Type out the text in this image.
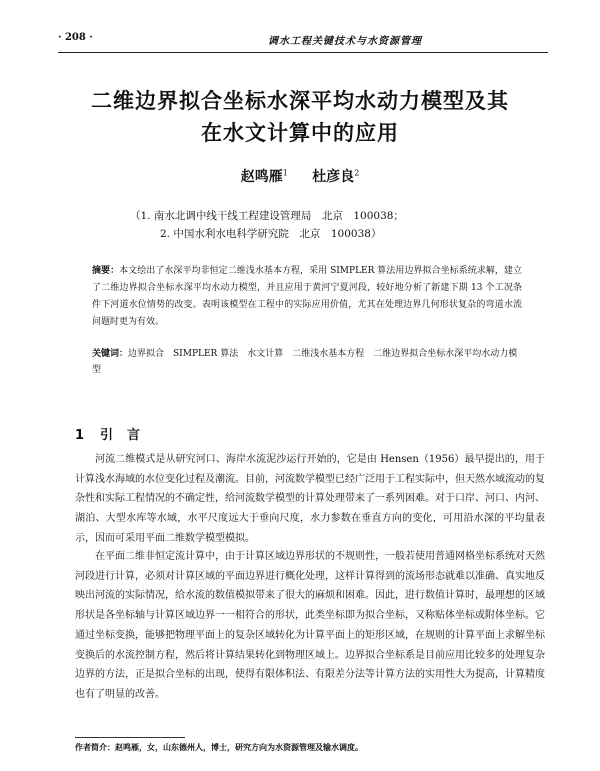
· 208 ·	调水工程关键技术与水资源管理
二维边界拟合坐标水深平均水动力模型及其
在水文计算中的应用
赵鸣雁$^1$ 杜彦良$^2$
（1. 南水北调中线干线工程建设管理局　北京　100038；
2. 中国水利水电科学研究院　北京　100038）
摘要：本文绘出了水深平均非恒定二维浅水基本方程，采用 SIMPLER 算法用边界拟合坐标系统求解，建立了二维边界拟合坐标水深平均水动力模型，并且应用于黄河宁夏河段，较好地分析了新建下期 13 个工况条件下河道水位情势的改变。表明该模型在工程中的实际应用价值，尤其在处理边界几何形状复杂的弯道水流问题时更为有效。
关键词：边界拟合　SIMPLER 算法　水文计算　二维浅水基本方程　二维边界拟合坐标水深平均水动力模型
1 引言
河流二维模式是从研究河口、海岸水流泥沙运行开始的，它是由 Hensen（1956）最早提出的，用于计算浅水海域的水位变化过程及潮流。目前，河流数学模型已经广泛用于工程实际中，但天然水域流动的复杂性和实际工程情况的不确定性，给河流数学模型的计算处理带来了一系列困难。对于口岸、河口、内河、湖泊、大型水库等水域，水平尺度远大于垂向尺度，水力参数在垂直方向的变化，可用沿水深的平均量表示，因而可采用平面二维数学模型模拟。
在平面二维非恒定流计算中，由于计算区域边界形状的不规则性，一般若使用普通网格坐标系统对天然河段进行计算，必须对计算区域的平面边界进行概化处理，这样计算得到的流场形态就难以准确、真实地反映出河流的实际情况，给水流的数值模拟带来了很大的麻烦和困难。因此，进行数值计算时，最理想的区域形状是各坐标轴与计算区域边界一一相符合的形状，此类坐标即为拟合坐标，又称贴体坐标或附体坐标。它通过坐标变换，能够把物理平面上的复杂区域转化为计算平面上的矩形区域，在规则的计算平面上求解坐标变换后的水流控制方程，然后将计算结果转化到物理区域上。边界拟合坐标系是目前应用比较多的处理复杂边界的方法，正是拟合坐标的出现，使得有限体积法、有限差分法等计算方法的实用性大为提高，计算精度也有了明显的改善。
作者简介：赵鸣雁，女，山东德州人，博士，研究方向为水资源管理及输水调度。
